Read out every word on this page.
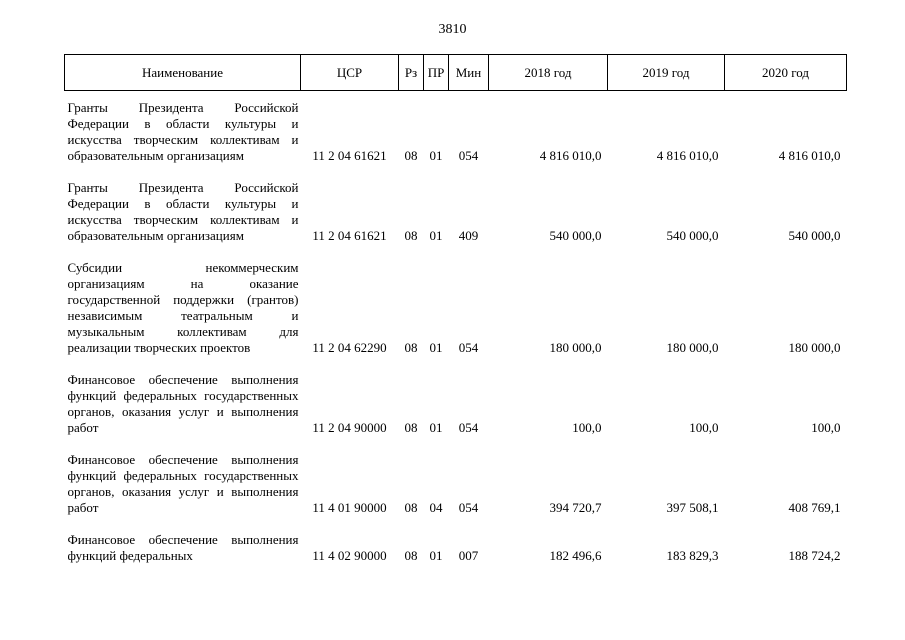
3810
Наименование	ЦСР	Рз	ПР	Мин	2018 год	2019 год	2020 год

Гранты Президента Российской Федерации в области культуры и искусства творческим коллективам и образовательным организациям	11 2 04 61621	08	01	054	4 816 010,0	4 816 010,0	4 816 010,0

Гранты Президента Российской Федерации в области культуры и искусства творческим коллективам и образовательным организациям	11 2 04 61621	08	01	409	540 000,0	540 000,0	540 000,0

Субсидии некоммерческим организациям на оказание государственной поддержки (грантов) независимым театральным и музыкальным коллективам для реализации творческих проектов	11 2 04 62290	08	01	054	180 000,0	180 000,0	180 000,0

Финансовое обеспечение выполнения функций федеральных государственных органов, оказания услуг и выполнения работ	11 2 04 90000	08	01	054	100,0	100,0	100,0

Финансовое обеспечение выполнения функций федеральных государственных органов, оказания услуг и выполнения работ	11 4 01 90000	08	04	054	394 720,7	397 508,1	408 769,1

Финансовое обеспечение выполнения функций федеральных	11 4 02 90000	08	01	007	182 496,6	183 829,3	188 724,2
